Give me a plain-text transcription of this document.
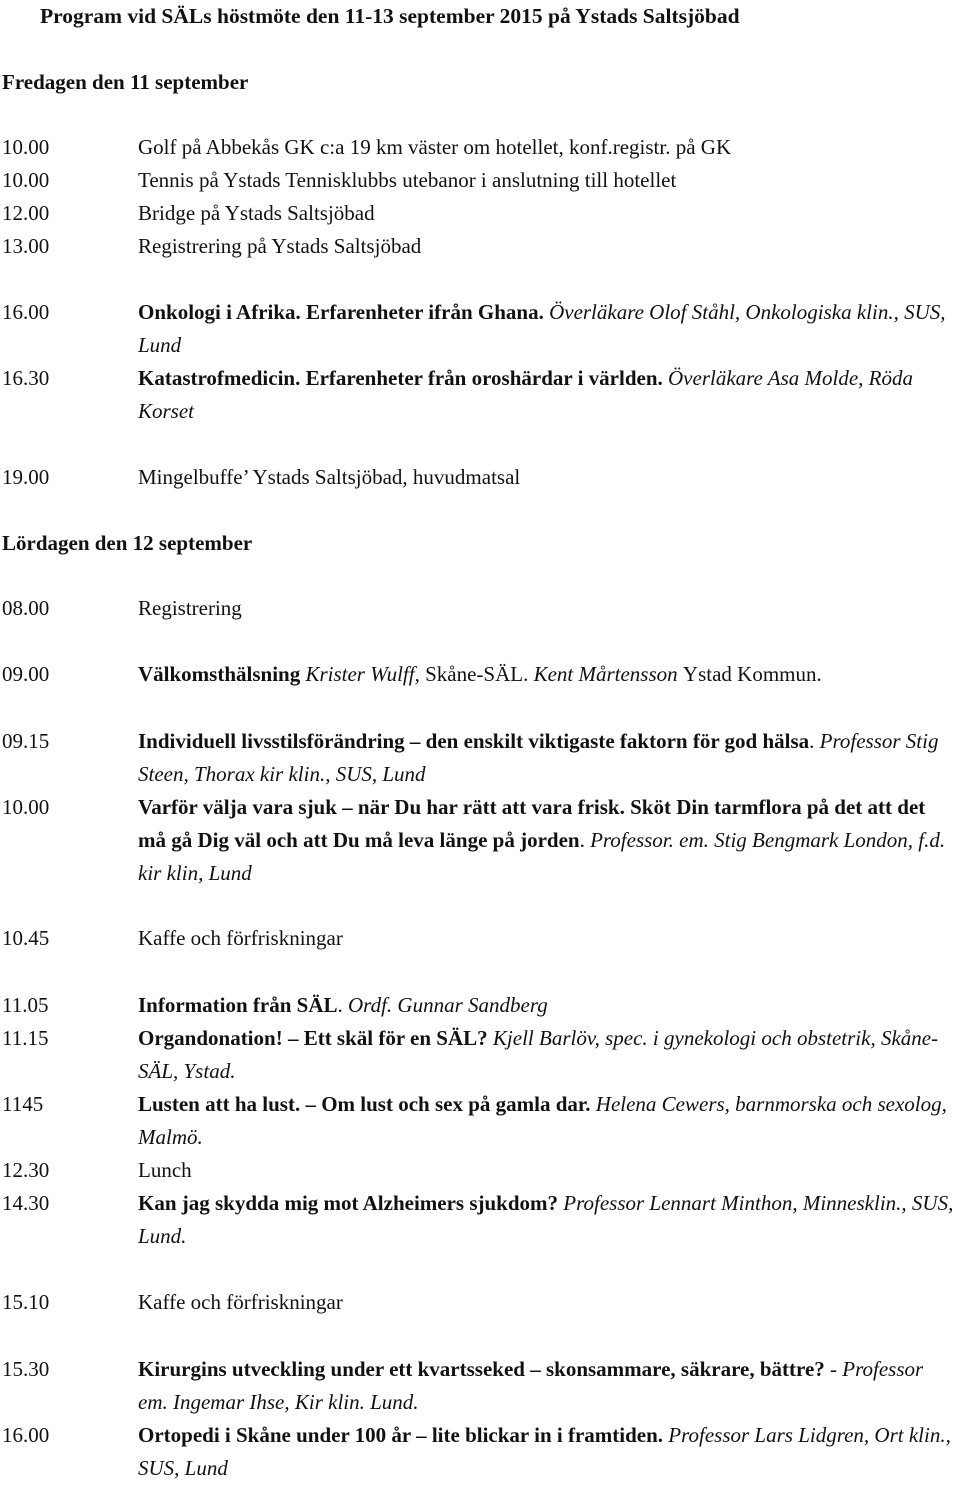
Program vid SÄLs höstmöte den 11-13 september 2015 på Ystads Saltsjöbad
Fredagen den 11 september
10.00	Golf på Abbekås GK c:a 19 km väster om hotellet, konf.registr. på GK
10.00	Tennis på Ystads Tennisklubbs utebanor i anslutning till hotellet
12.00	Bridge på Ystads Saltsjöbad
13.00	Registrering på Ystads Saltsjöbad
16.00	Onkologi i Afrika. Erfarenheter ifrån Ghana. Överläkare Olof Ståhl, Onkologiska klin., SUS, Lund
16.30	Katastrofmedicin. Erfarenheter från oroshärdar i världen. Överläkare Asa Molde, Röda Korset
19.00	Mingelbuffe’ Ystads Saltsjöbad, huvudmatsal
Lördagen den 12 september
08.00	Registrering
09.00	Välkomsthälsning Krister Wulff, Skåne-SÄL. Kent Mårtensson Ystad Kommun.
09.15	Individuell livsstilsförändring – den enskilt viktigaste faktorn för god hälsa. Professor Stig Steen, Thorax kir klin., SUS, Lund
10.00	Varför välja vara sjuk – när Du har rätt att vara frisk. Sköt Din tarmflora på det att det må gå Dig väl och att Du må leva länge på jorden. Professor. em. Stig Bengmark London, f.d. kir klin, Lund
10.45	Kaffe och förfriskningar
11.05	Information från SÄL. Ordf. Gunnar Sandberg
11.15	Organdonation! – Ett skäl för en SÄL? Kjell Barlöv, spec. i gynekologi och obstetrik, Skåne-SÄL, Ystad.
1145	Lusten att ha lust. – Om lust och sex på gamla dar. Helena Cewers, barnmorska och sexolog, Malmö.
12.30	Lunch
14.30	Kan jag skydda mig mot Alzheimers sjukdom? Professor Lennart Minthon, Minnesklin., SUS, Lund.
15.10	Kaffe och förfriskningar
15.30	Kirurgins utveckling under ett kvartsseked – skonsammare, säkrare, bättre? - Professor em. Ingemar Ihse, Kir klin. Lund.
16.00	Ortopedi i Skåne under 100 år – lite blickar in i framtiden. Professor Lars Lidgren, Ort klin., SUS, Lund
